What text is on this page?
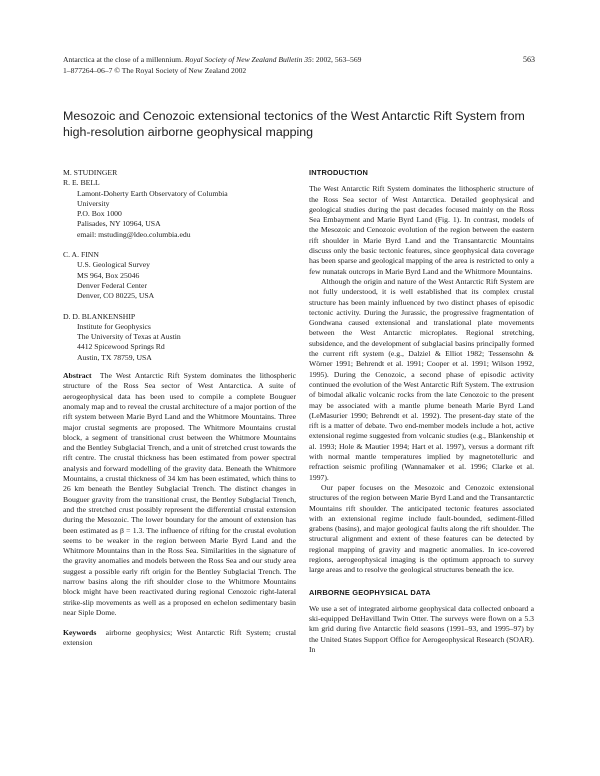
Antarctica at the close of a millennium. Royal Society of New Zealand Bulletin 35: 2002, 563–569
1–877264–06–7 © The Royal Society of New Zealand 2002
563
Mesozoic and Cenozoic extensional tectonics of the West Antarctic Rift System from high-resolution airborne geophysical mapping

M. STUDINGER

R. E. BELL

Lamont-Doherty Earth Observatory of Columbia

University

P.O. Box 1000

Palisades, NY 10964, USA

email: mstuding@ldeo.columbia.edu

C. A. FINN

U.S. Geological Survey

MS 964, Box 25046

Denver Federal Center

Denver, CO 80225, USA

D. D. BLANKENSHIP

Institute for Geophysics

The University of Texas at Austin

4412 Spicewood Springs Rd

Austin, TX 78759, USA

Abstract The West Antarctic Rift System dominates the lithospheric structure of the Ross Sea sector of West Antarctica. A suite of aerogeophysical data has been used to compile a complete Bouguer anomaly map and to reveal the crustal architecture of a major portion of the rift system between Marie Byrd Land and the Whitmore Mountains. Three major crustal segments are proposed. The Whitmore Mountains crustal block, a segment of transitional crust between the Whitmore Mountains and the Bentley Subglacial Trench, and a unit of stretched crust towards the rift centre. The crustal thickness has been estimated from power spectral analysis and forward modelling of the gravity data. Beneath the Whitmore Mountains, a crustal thickness of 34 km has been estimated, which thins to 26 km beneath the Bentley Subglacial Trench. The distinct changes in Bouguer gravity from the transitional crust, the Bentley Subglacial Trench, and the stretched crust possibly represent the differential crustal extension during the Mesozoic. The lower boundary for the amount of extension has been estimated as β = 1.3. The influence of rifting for the crustal evolution seems to be weaker in the region between Marie Byrd Land and the Whitmore Mountains than in the Ross Sea. Similarities in the signature of the gravity anomalies and models between the Ross Sea and our study area suggest a possible early rift origin for the Bentley Subglacial Trench. The narrow basins along the rift shoulder close to the Whitmore Mountains block might have been reactivated during regional Cenozoic right-lateral strike-slip movements as well as a proposed en echelon sedimentary basin near Siple Dome.
Keywords airborne geophysics; West Antarctic Rift System; crustal extension
INTRODUCTION

The West Antarctic Rift System dominates the lithospheric structure of the Ross Sea sector of West Antarctica. Detailed geophysical and geological studies during the past decades focused mainly on the Ross Sea Embayment and Marie Byrd Land (Fig. 1). In contrast, models of the Mesozoic and Cenozoic evolution of the region between the eastern rift shoulder in Marie Byrd Land and the Transantarctic Mountains discuss only the basic tectonic features, since geophysical data coverage has been sparse and geological mapping of the area is restricted to only a few nunatak outcrops in Marie Byrd Land and the Whitmore Mountains.

Although the origin and nature of the West Antarctic Rift System are not fully understood, it is well established that its complex crustal structure has been mainly influenced by two distinct phases of episodic tectonic activity. During the Jurassic, the progressive fragmentation of Gondwana caused extensional and translational plate movements between the West Antarctic microplates. Regional stretching, subsidence, and the development of subglacial basins principally formed the current rift system (e.g., Dalziel & Elliot 1982; Tessensohn & Wörner 1991; Behrendt et al. 1991; Cooper et al. 1991; Wilson 1992, 1995). During the Cenozoic, a second phase of episodic activity continued the evolution of the West Antarctic Rift System. The extrusion of bimodal alkalic volcanic rocks from the late Cenozoic to the present may be associated with a mantle plume beneath Marie Byrd Land (LeMasurier 1990; Behrendt et al. 1992). The present-day state of the rift is a matter of debate. Two end-member models include a hot, active extensional regime suggested from volcanic studies (e.g., Blankenship et al. 1993; Hole & Mautier 1994; Hart et al. 1997), versus a dormant rift with normal mantle temperatures implied by magnetotelluric and refraction seismic profiling (Wannamaker et al. 1996; Clarke et al. 1997).

Our paper focuses on the Mesozoic and Cenozoic extensional structures of the region between Marie Byrd Land and the Transantarctic Mountains rift shoulder. The anticipated tectonic features associated with an extensional regime include fault-bounded, sediment-filled grabens (basins), and major geological faults along the rift shoulder. The structural alignment and extent of these features can be detected by regional mapping of gravity and magnetic anomalies. In ice-covered regions, aerogeophysical imaging is the optimum approach to survey large areas and to resolve the geological structures beneath the ice.

AIRBORNE GEOPHYSICAL DATA

We use a set of integrated airborne geophysical data collected onboard a ski-equipped DeHavilland Twin Otter. The surveys were flown on a 5.3 km grid during five Antarctic field seasons (1991–93, and 1995–97) by the United States Support Office for Aerogeophysical Research (SOAR). In
